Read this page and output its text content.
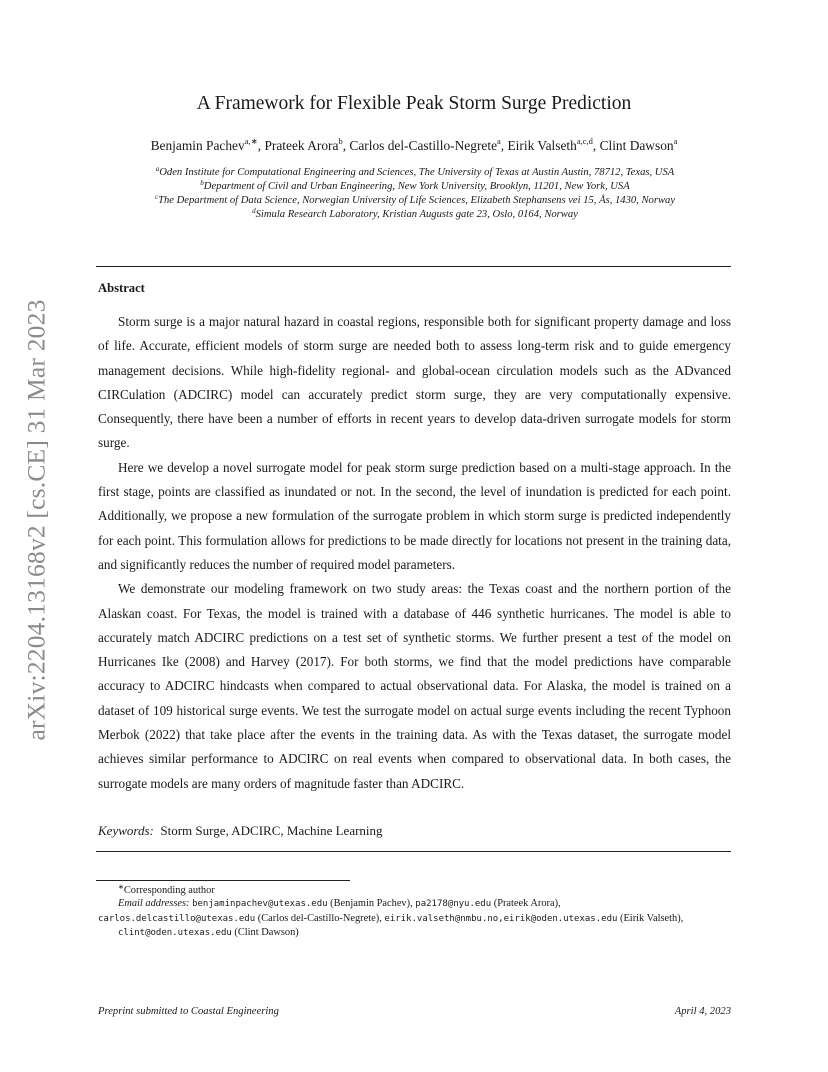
arXiv:2204.13168v2 [cs.CE] 31 Mar 2023
A Framework for Flexible Peak Storm Surge Prediction
Benjamin Pachev$^{a,∗}$, Prateek Arora$^b$, Carlos del-Castillo-Negrete$^a$, Eirik Valseth$^{a,c,d}$, Clint Dawson$^a$
$^a$Oden Institute for Computational Engineering and Sciences, The University of Texas at Austin Austin, 78712, Texas, USA
$^b$Department of Civil and Urban Engineering, New York University, Brooklyn, 11201, New York, USA
$^c$The Department of Data Science, Norwegian University of Life Sciences, Elizabeth Stephansens vei 15, Ås, 1430, Norway
$^d$Simula Research Laboratory, Kristian Augusts gate 23, Oslo, 0164, Norway
Abstract

Storm surge is a major natural hazard in coastal regions, responsible both for significant property damage and loss of life. Accurate, efficient models of storm surge are needed both to assess long-term risk and to guide emergency management decisions. While high-fidelity regional- and global-ocean circulation models such as the ADvanced CIRCulation (ADCIRC) model can accurately predict storm surge, they are very computationally expensive. Consequently, there have been a number of efforts in recent years to develop data-driven surrogate models for storm surge.

Here we develop a novel surrogate model for peak storm surge prediction based on a multi-stage approach. In the first stage, points are classified as inundated or not. In the second, the level of inundation is predicted for each point. Additionally, we propose a new formulation of the surrogate problem in which storm surge is predicted independently for each point. This formulation allows for predictions to be made directly for locations not present in the training data, and significantly reduces the number of required model parameters.

We demonstrate our modeling framework on two study areas: the Texas coast and the northern portion of the Alaskan coast. For Texas, the model is trained with a database of 446 synthetic hurricanes. The model is able to accurately match ADCIRC predictions on a test set of synthetic storms. We further present a test of the model on Hurricanes Ike (2008) and Harvey (2017). For both storms, we find that the model predictions have comparable accuracy to ADCIRC hindcasts when compared to actual observational data. For Alaska, the model is trained on a dataset of 109 historical surge events. We test the surrogate model on actual surge events including the recent Typhoon Merbok (2022) that take place after the events in the training data. As with the Texas dataset, the surrogate model achieves similar performance to ADCIRC on real events when compared to observational data. In both cases, the surrogate models are many orders of magnitude faster than ADCIRC.

Keywords: Storm Surge, ADCIRC, Machine Learning

∗Corresponding author

Email addresses: benjaminpachev@utexas.edu (Benjamin Pachev), pa2178@nyu.edu (Prateek Arora),
carlos.delcastillo@utexas.edu (Carlos del-Castillo-Negrete), eirik.valseth@nmbu.no,eirik@oden.utexas.edu (Eirik Valseth), clint@oden.utexas.edu (Clint Dawson)

Preprint submitted to Coastal Engineering	April 4, 2023
